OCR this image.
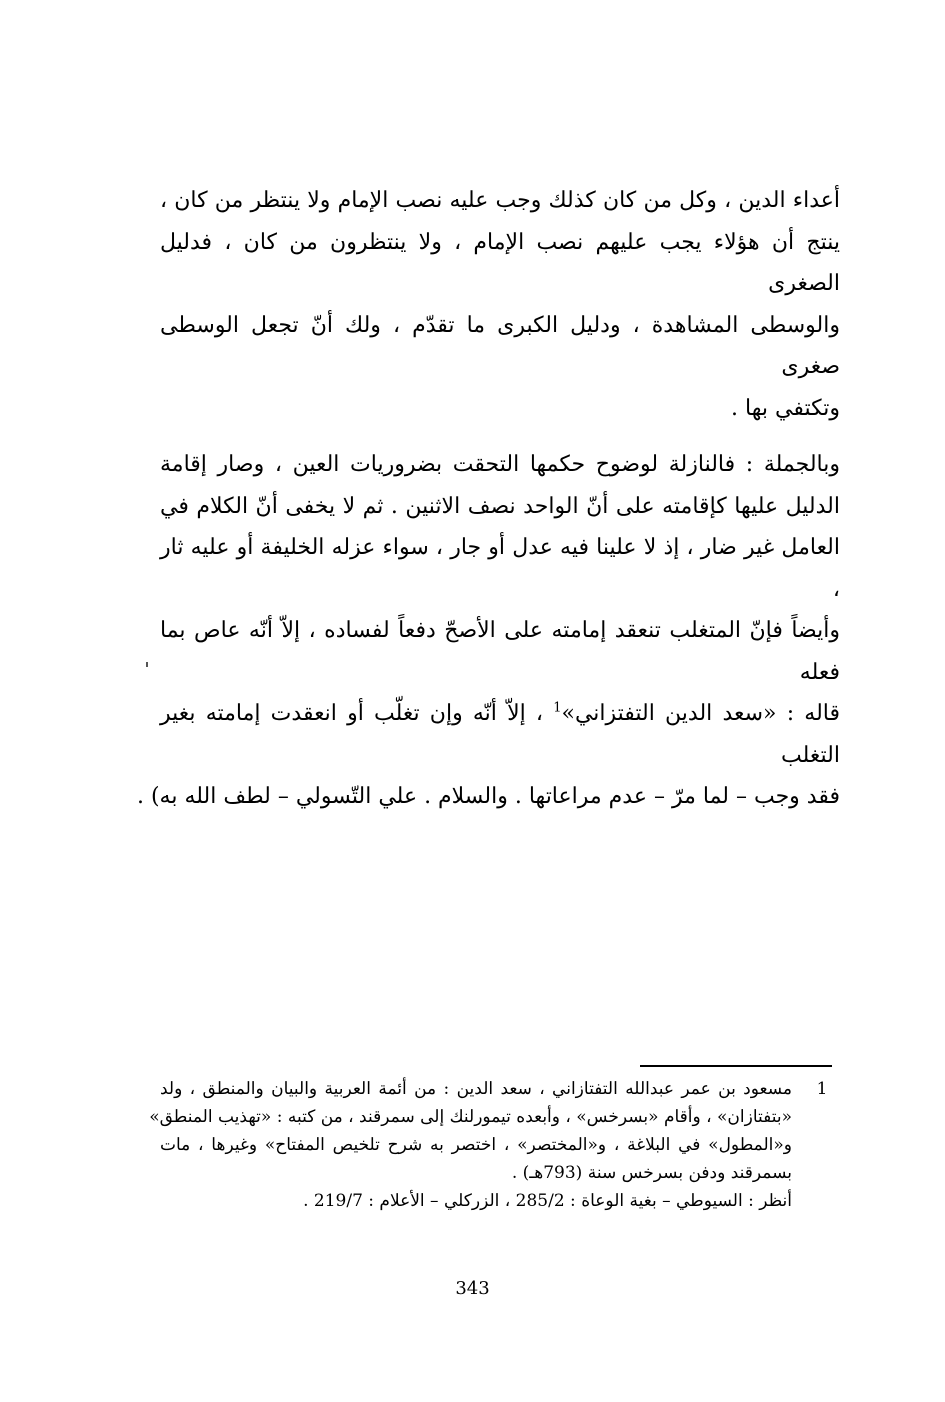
أعداء الدين ، وكل من كان كذلك وجب عليه نصب الإمام ولا ينتظر من كان ،
ينتج أن هؤلاء يجب عليهم نصب الإمام ، ولا ينتظرون من كان ، فدليل الصغرى
والوسطى المشاهدة ، ودليل الكبرى ما تقدّم ، ولك أنّ تجعل الوسطى صغرى
وتكتفي بها .
وبالجملة : فالنازلة لوضوح حكمها التحقت بضروريات العين ، وصار إقامة
الدليل عليها كإقامته على أنّ الواحد نصف الاثنين . ثم لا يخفى أنّ الكلام في
العامل غير ضار ، إذ لا علينا فيه عدل أو جار ، سواء عزله الخليفة أو عليه ثار ،
وأيضاً فإنّ المتغلب تنعقد إمامته على الأصحّ دفعاً لفساده ، إلاّ أنّه عاص بما فعله
قاله : «سعد الدين التفتزاني»$^1$ ، إلاّ أنّه وإن تغلّب أو انعقدت إمامته بغير التغلب
فقد وجب – لما مرّ – عدم مراعاتها . والسلام . علي التّسولي – لطف الله به) .
1
مسعود بن عمر عبدالله التفتازاني ، سعد الدين : من أئمة العربية والبيان والمنطق ، ولد
«بتفتازان» ، وأقام «بسرخس» ، وأبعده تيمورلنك إلى سمرقند ، من كتبه : «تهذيب المنطق»
و«المطول» في البلاغة ، و«المختصر» ، اختصر به شرح تلخيص المفتاح» وغيرها ، مات
بسمرقند ودفن بسرخس سنة (793هـ) .
أنظر : السيوطي – بغية الوعاة : 285/2 ، الزركلي – الأعلام : 219/7 .
343
